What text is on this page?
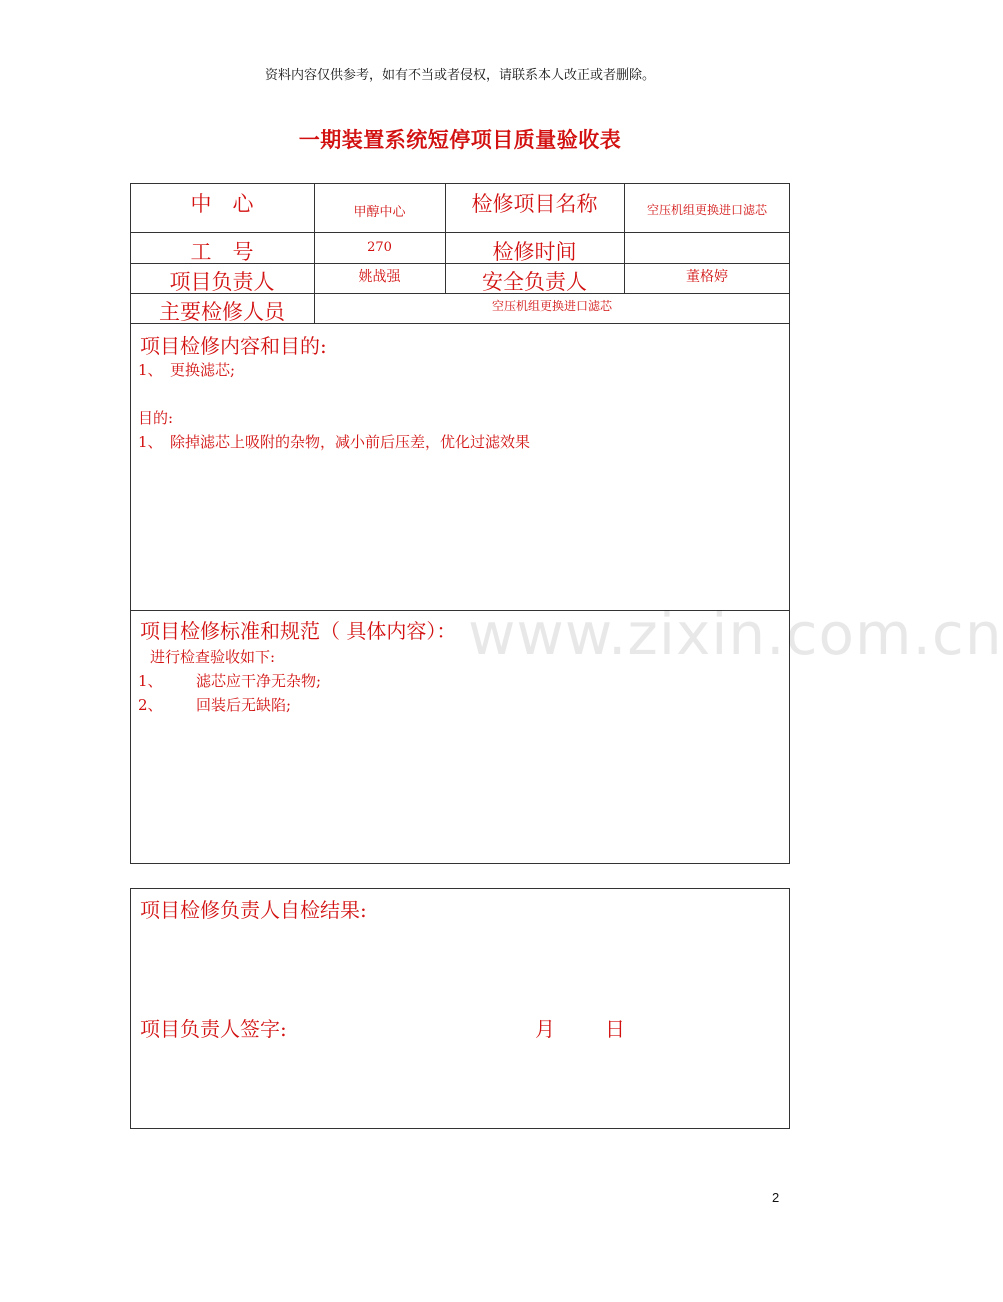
资料内容仅供参考，如有不当或者侵权，请联系本人改正或者删除。
一期装置系统短停项目质量验收表
中　心	甲醇中心	检修项目名称	空压机组更换进口滤芯
工　号	270	检修时间
项目负责人	姚战强	安全负责人	董格婷
主要检修人员	空压机组更换进口滤芯
项目检修内容和目的:
1、　更换滤芯;
目的:
1、　除掉滤芯上吸附的杂物，减小前后压差，优化过滤效果
www.zixin.com.cn
项目检修标准和规范（ 具体内容）：
进行检查验收如下:
1、 滤芯应干净无杂物;
2、 回装后无缺陷;
项目检修负责人自检结果:
项目负责人签字:	月	日
2
